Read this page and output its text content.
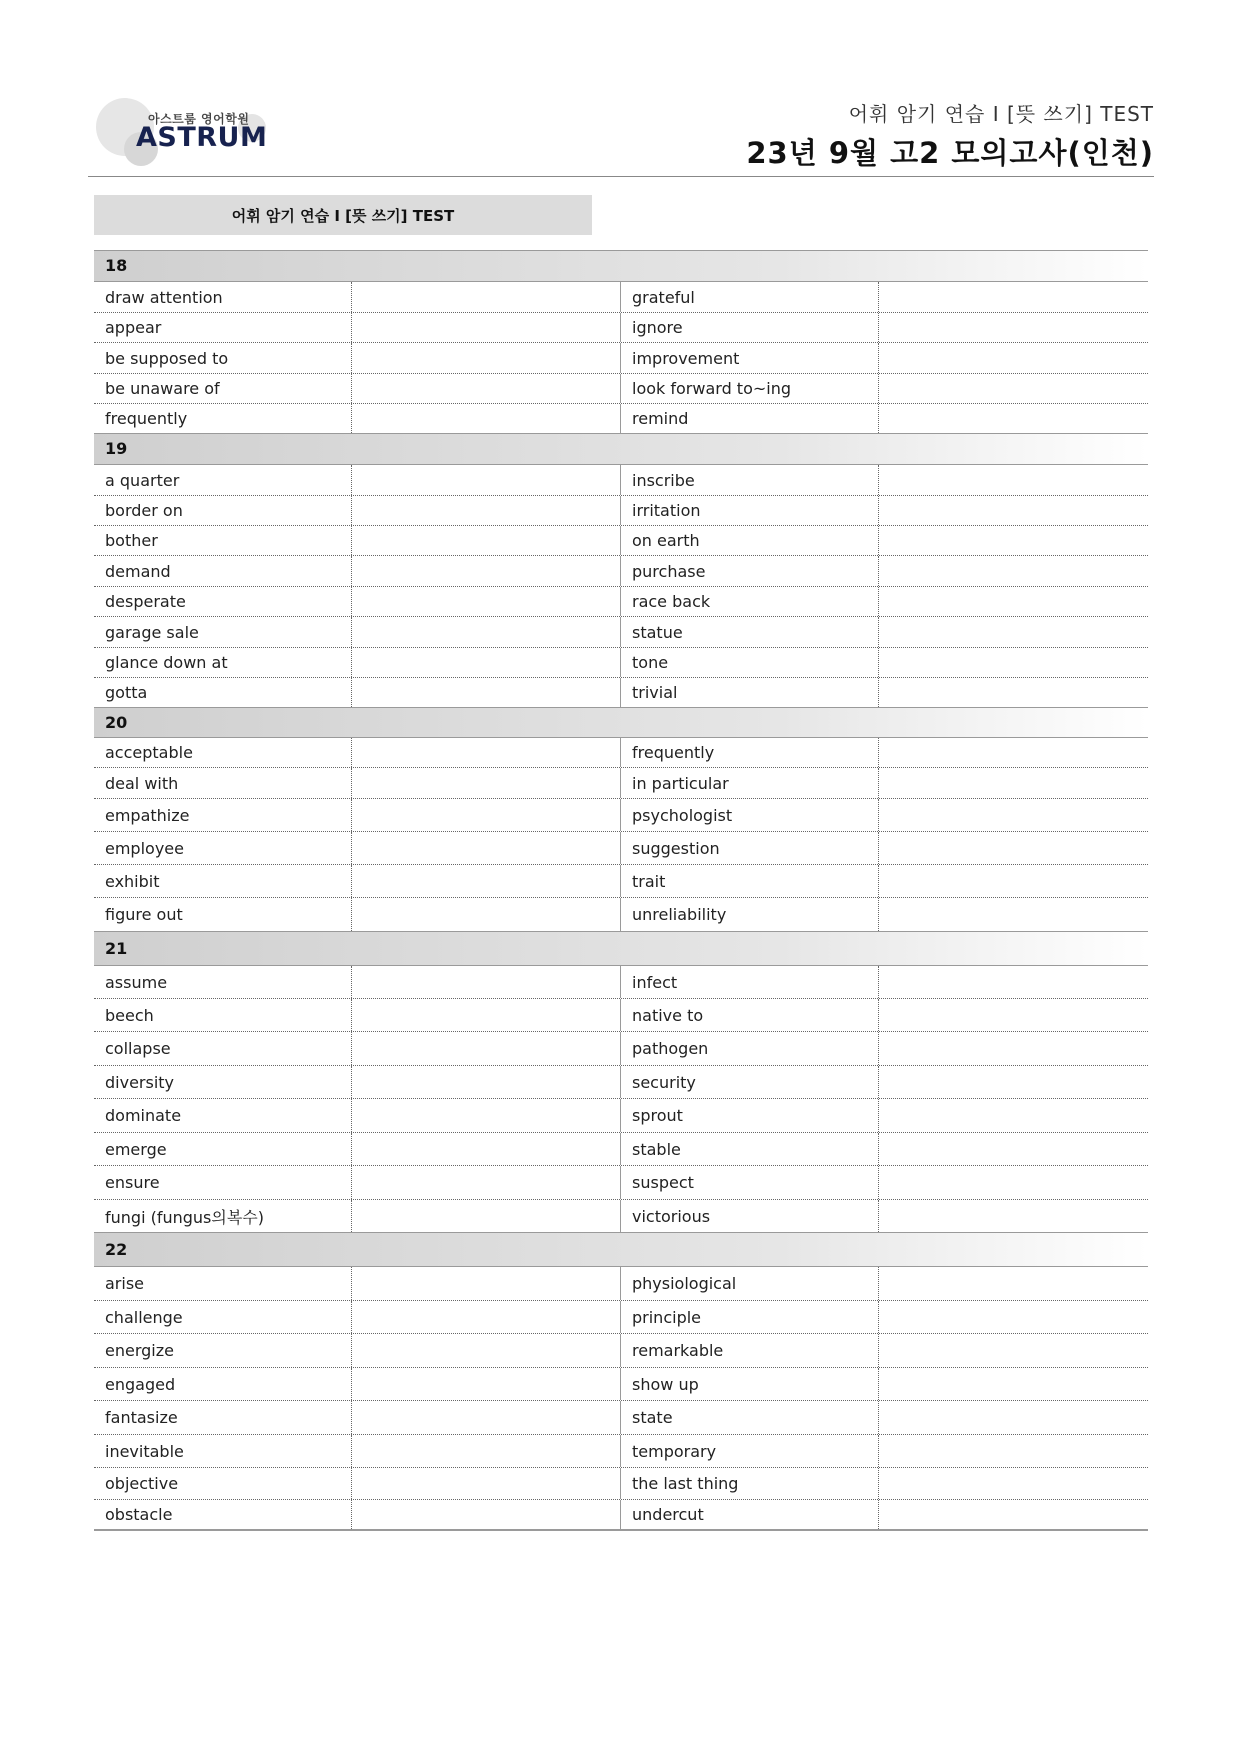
아스트룸 영어학원
ASTRUM
어휘 암기 연습 I [뜻 쓰기] TEST
23년 9월 고2 모의고사(인천)
어휘 암기 연습 I [뜻 쓰기] TEST
18
draw attention	grateful
appear	ignore
be supposed to	improvement
be unaware of	look forward to~ing
frequently	remind
19
a quarter	inscribe
border on	irritation
bother	on earth
demand	purchase
desperate	race back
garage sale	statue
glance down at	tone
gotta	trivial
20
acceptable	frequently
deal with	in particular
empathize	psychologist
employee	suggestion
exhibit	trait
figure out	unreliability
21
assume	infect
beech	native to
collapse	pathogen
diversity	security
dominate	sprout
emerge	stable
ensure	suspect
fungi (fungus의복수)	victorious
22
arise	physiological
challenge	principle
energize	remarkable
engaged	show up
fantasize	state
inevitable	temporary
objective	the last thing
obstacle	undercut
